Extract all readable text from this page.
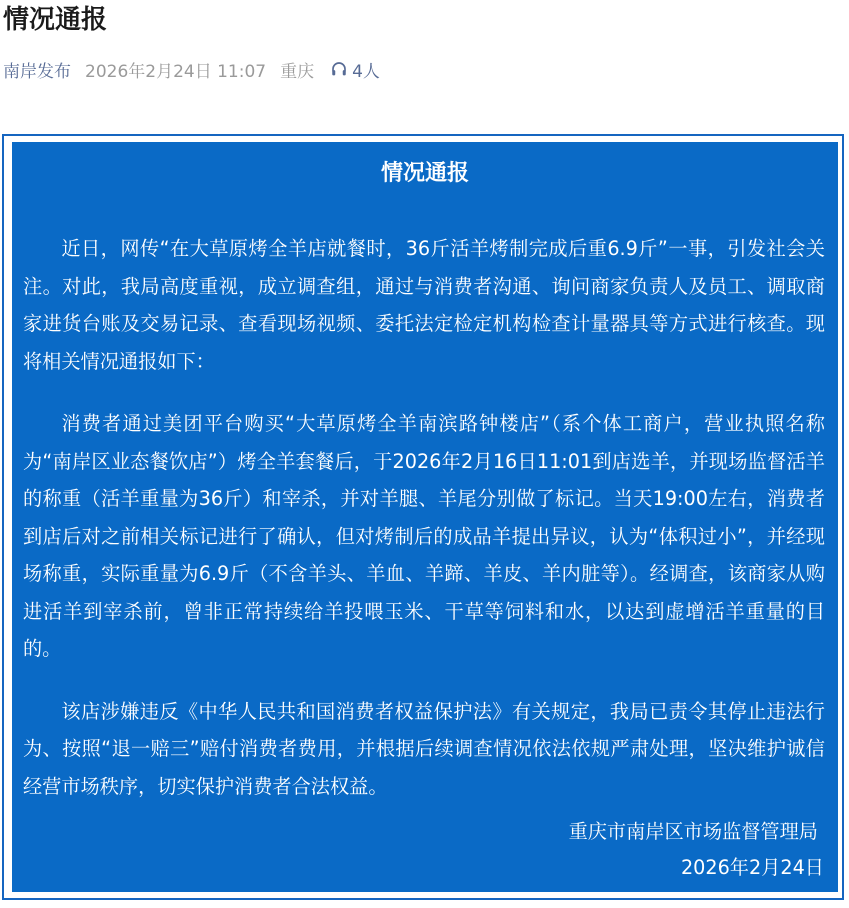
情况通报
南岸发布 2026年2月24日 11:07 重庆 4人
情况通报

近日，网传“在大草原烤全羊店就餐时，36斤活羊烤制完成后重6.9斤”一事，引发社会关注。对此，我局高度重视，成立调查组，通过与消费者沟通、询问商家负责人及员工、调取商家进货台账及交易记录、查看现场视频、委托法定检定机构检查计量器具等方式进行核查。现将相关情况通报如下：

消费者通过美团平台购买“大草原烤全羊南滨路钟楼店”（系个体工商户，营业执照名称为“南岸区业态餐饮店”）烤全羊套餐后，于2026年2月16日11:01到店选羊，并现场监督活羊的称重（活羊重量为36斤）和宰杀，并对羊腿、羊尾分别做了标记。当天19:00左右，消费者到店后对之前相关标记进行了确认，但对烤制后的成品羊提出异议，认为“体积过小”，并经现场称重，实际重量为6.9斤（不含羊头、羊血、羊蹄、羊皮、羊内脏等）。经调查，该商家从购进活羊到宰杀前，曾非正常持续给羊投喂玉米、干草等饲料和水，以达到虚增活羊重量的目的。

该店涉嫌违反《中华人民共和国消费者权益保护法》有关规定，我局已责令其停止违法行为、按照“退一赔三”赔付消费者费用，并根据后续调查情况依法依规严肃处理，坚决维护诚信经营市场秩序，切实保护消费者合法权益。

重庆市南岸区市场监督管理局
2026年2月24日
